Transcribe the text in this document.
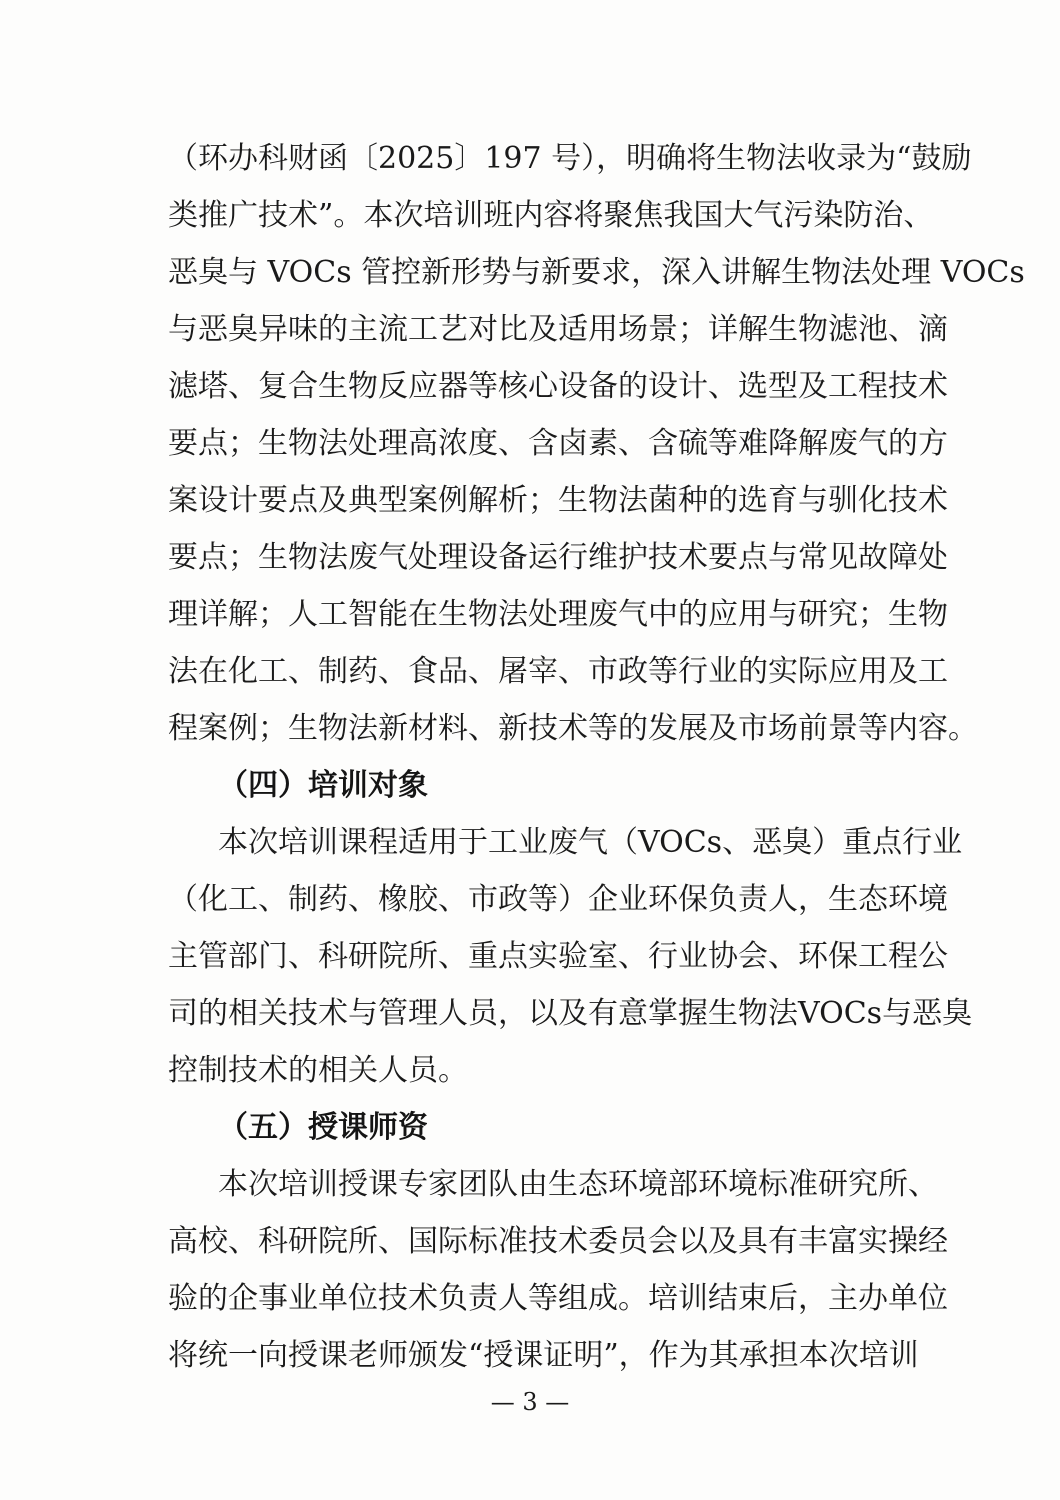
（环办科财函〔2025〕197 号），明确将生物法收录为“鼓励
类推广技术”。本次培训班内容将聚焦我国大气污染防治、
恶臭与 VOCs 管控新形势与新要求，深入讲解生物法处理 VOCs
与恶臭异味的主流工艺对比及适用场景；详解生物滤池、滴
滤塔、复合生物反应器等核心设备的设计、选型及工程技术
要点；生物法处理高浓度、含卤素、含硫等难降解废气的方
案设计要点及典型案例解析；生物法菌种的选育与驯化技术
要点；生物法废气处理设备运行维护技术要点与常见故障处
理详解；人工智能在生物法处理废气中的应用与研究；生物
法在化工、制药、食品、屠宰、市政等行业的实际应用及工
程案例；生物法新材料、新技术等的发展及市场前景等内容。
（四）培训对象
本次培训课程适用于工业废气（VOCs、恶臭）重点行业
（化工、制药、橡胶、市政等）企业环保负责人，生态环境
主管部门、科研院所、重点实验室、行业协会、环保工程公
司的相关技术与管理人员，以及有意掌握生物法VOCs与恶臭
控制技术的相关人员。
（五）授课师资
本次培训授课专家团队由生态环境部环境标准研究所、
高校、科研院所、国际标准技术委员会以及具有丰富实操经
验的企事业单位技术负责人等组成。培训结束后，主办单位
将统一向授课老师颁发“授课证明”，作为其承担本次培训
— 3 —
